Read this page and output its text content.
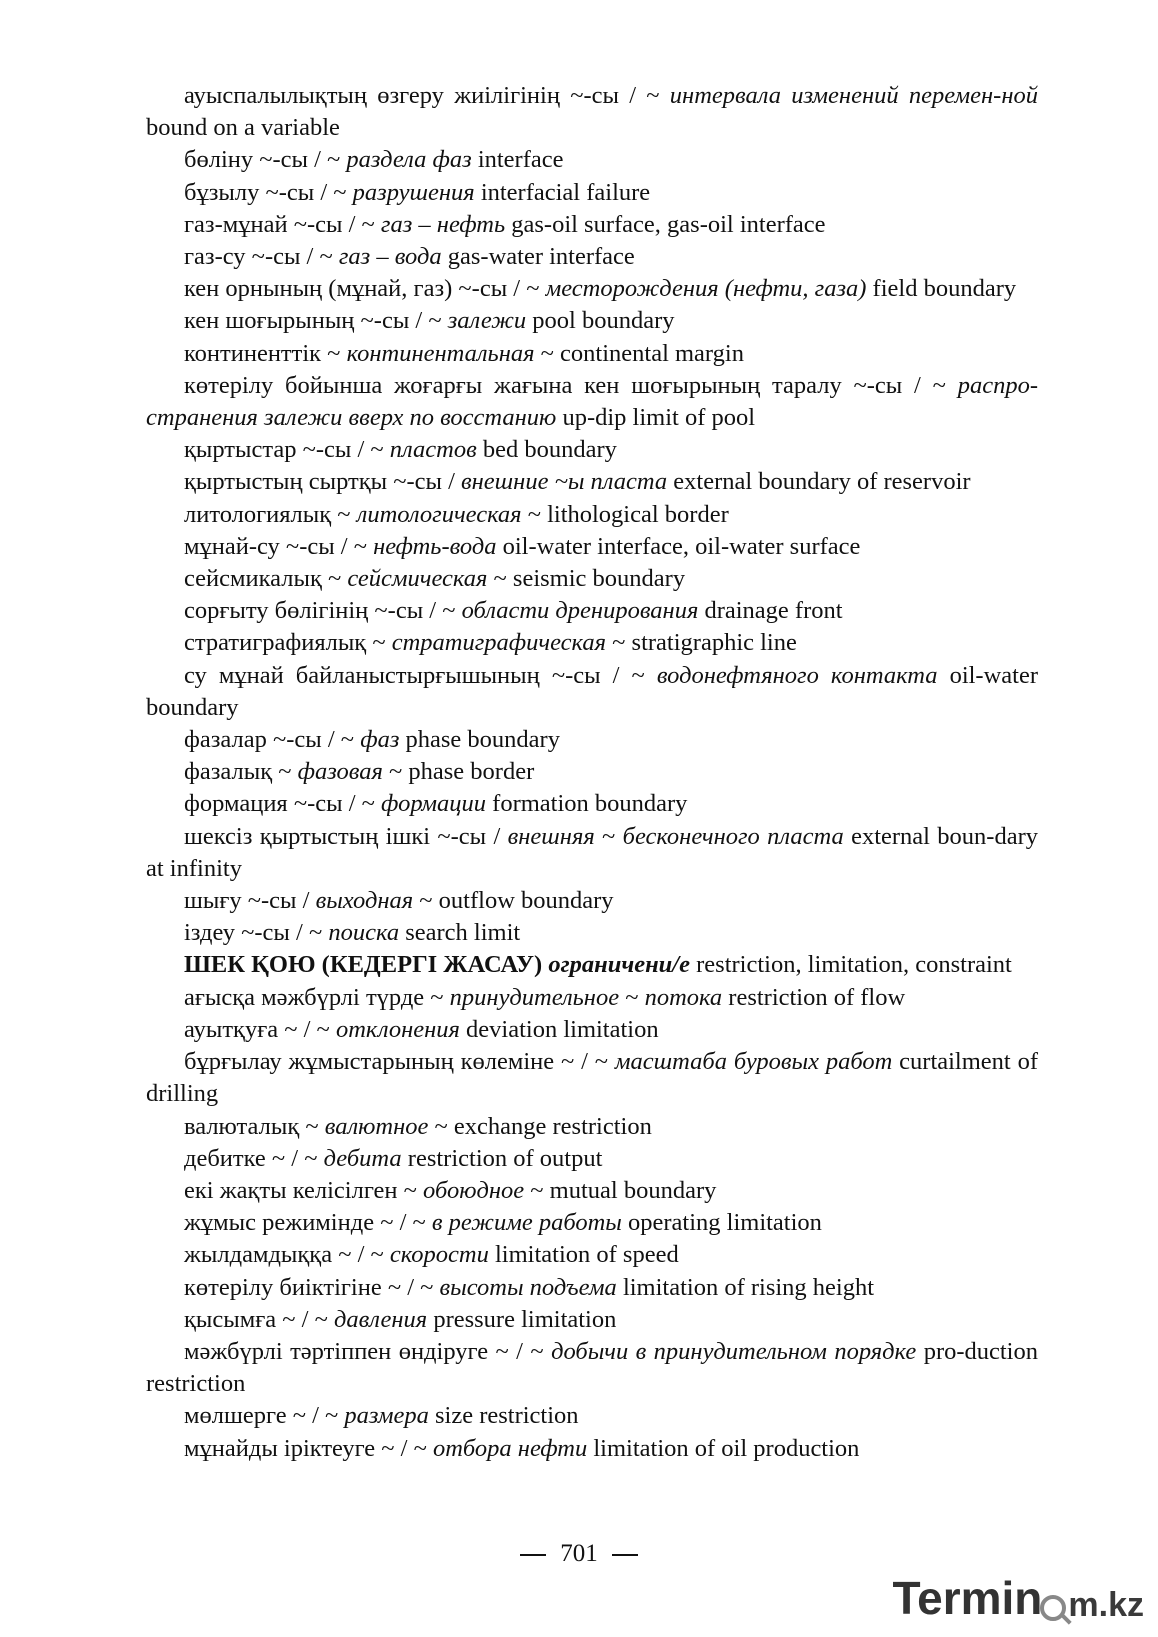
ауыспалылықтың өзгеру жиілігінің ~-сы / ~ интервала изменений перемен-ной bound on a variable

бөліну ~-сы / ~ раздела фаз interface

бұзылу ~-сы / ~ разрушения interfacial failure

газ-мұнай ~-сы / ~ газ – нефть gas-oil surface, gas-oil interface

газ-су ~-сы / ~ газ – вода gas-water interface

кен орнының (мұнай, газ) ~-сы / ~ месторождения (нефти, газа) field boundary

кен шоғырының ~-сы / ~ залежи pool boundary

континенттік ~ континентальная ~ continental margin

көтерілу бойынша жоғарғы жағына кен шоғырының таралу ~-сы / ~ распро-странения залежи вверх по восстанию up-dip limit of pool

қыртыстар ~-сы / ~ пластов bed boundary

қыртыстың сыртқы ~-сы / внешние ~ы пласта external boundary of reservoir

литологиялық ~ литологическая ~ lithological border

мұнай-су ~-сы / ~ нефть-вода oil-water interface, oil-water surface

сейсмикалық ~ сейсмическая ~ seismic boundary

сорғыту бөлігінің ~-сы / ~ области дренирования drainage front

стратиграфиялық ~ стратиграфическая ~ stratigraphic line

су мұнай байланыстырғышының ~-сы / ~ водонефтяного контакта oil-water boundary

фазалар ~-сы / ~ фаз phase boundary

фазалық ~ фазовая ~ phase border

формация ~-сы / ~ формации formation boundary

шексіз қыртыстың ішкі ~-сы / внешняя ~ бесконечного пласта external boun-dary at infinity

шығу ~-сы / выходная ~ outflow boundary

іздеу ~-сы / ~ поиска search limit

ШЕК ҚОЮ (КЕДЕРГІ ЖАСАУ) ограничени/е restriction, limitation, constraint

ағысқа мәжбүрлі түрде ~ принудительное ~ потока restriction of flow

ауытқуға ~ / ~ отклонения deviation limitation

бұрғылау жұмыстарының көлеміне ~ / ~ масштаба буровых работ curtailment of drilling

валюталық ~ валютное ~ exchange restriction

дебитке ~ / ~ дебита restriction of output

екі жақты келісілген ~ обоюдное ~ mutual boundary

жұмыс режимінде ~ / ~ в режиме работы operating limitation

жылдамдыққа ~ / ~ скорости limitation of speed

көтерілу биіктігіне ~ / ~ высоты подъема limitation of rising height

қысымға ~ / ~ давления pressure limitation

мәжбүрлі тәртіппен өндіруге ~ / ~ добычи в принудительном порядке pro-duction restriction

мөлшерге ~ / ~ размера size restriction

мұнайды іріктеуге ~ / ~ отбора нефти limitation of oil production

701
Termin m.kz
